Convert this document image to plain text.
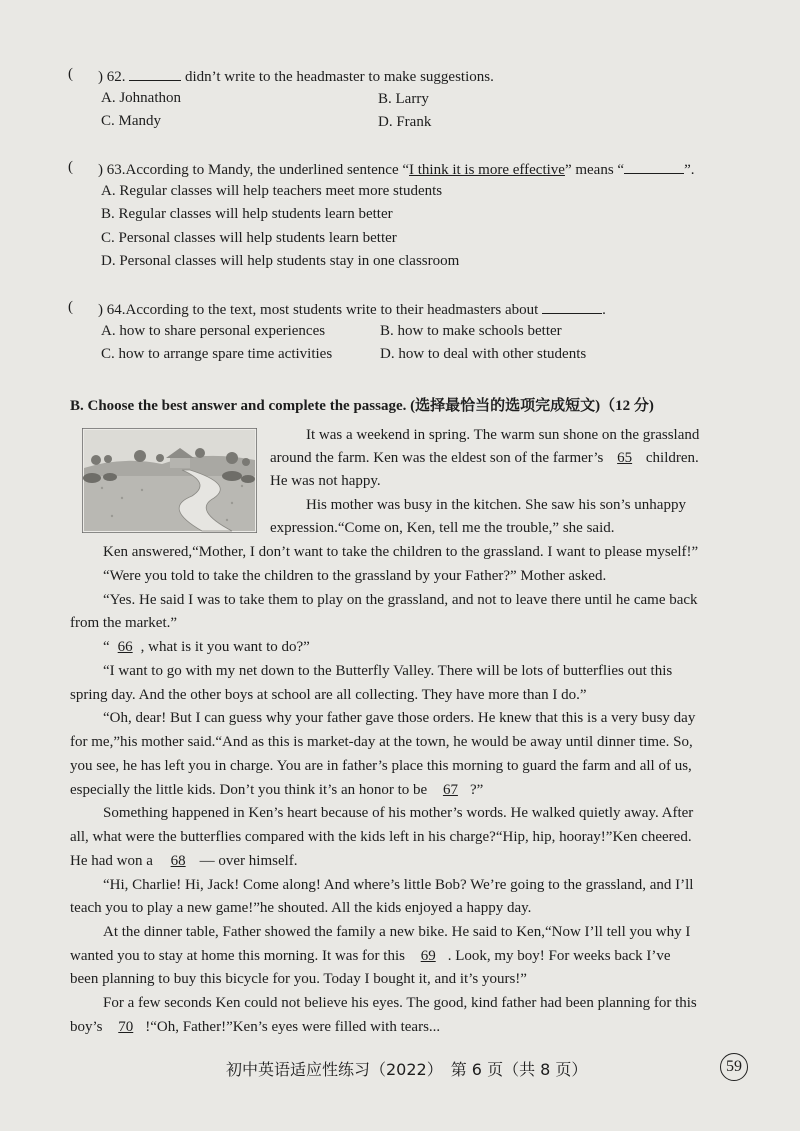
( ) 62.	didn’t write to the headmaster to make suggestions.
A. Johnathon	B. Larry
C. Mandy	D. Frank
( ) 63.According to Mandy, the underlined sentence “I think it is more effective” means “	”.
A. Regular classes will help teachers meet more students
B. Regular classes will help students learn better
C. Personal classes will help students learn better
D. Personal classes will help students stay in one classroom
( ) 64.According to the text, most students write to their headmasters about	.
A. how to share personal experiences	B. how to make schools better
C. how to arrange spare time activities	D. how to deal with other students
B. Choose the best answer and complete the passage. (选择最恰当的选项完成短文)（12 分)
It was a weekend in spring. The warm sun shone on the grassland
around the farm. Ken was the eldest son of the farmer’s 65 children.
He was not happy.
His mother was busy in the kitchen. She saw his son’s unhappy
expression.“Come on, Ken, tell me the trouble,” she said.
Ken answered,“Mother, I don’t want to take the children to the grassland. I want to please myself!”
“Were you told to take the children to the grassland by your Father?” Mother asked.
“Yes. He said I was to take them to play on the grassland, and not to leave there until he came back
from the market.”
“ 66 , what is it you want to do?”
“I want to go with my net down to the Butterfly Valley. There will be lots of butterflies out this
spring day. And the other boys at school are all collecting. They have more than I do.”
“Oh, dear! But I can guess why your father gave those orders. He knew that this is a very busy day
for me,”his mother said.“And as this is market-day at the town, he would be away until dinner time. So,
you see, he has left you in charge. You are in father’s place this morning to guard the farm and all of us,
especially the little kids. Don’t you think it’s an honor to be 67 ?”
Something happened in Ken’s heart because of his mother’s words. He walked quietly away. After
all, what were the butterflies compared with the kids left in his charge?“Hip, hip, hooray!”Ken cheered.
He had won a 68 — over himself.
“Hi, Charlie! Hi, Jack! Come along! And where’s little Bob? We’re going to the grassland, and I’ll
teach you to play a new game!”he shouted. All the kids enjoyed a happy day.
At the dinner table, Father showed the family a new bike. He said to Ken,“Now I’ll tell you why I
wanted you to stay at home this morning. It was for this 69 . Look, my boy! For weeks back I’ve
been planning to buy this bicycle for you. Today I bought it, and it’s yours!”
For a few seconds Ken could not believe his eyes. The good, kind father had been planning for this
boy’s 70 !“Oh, Father!”Ken’s eyes were filled with tears...
初中英语适应性练习（2022）　第 6 页（共 8 页）	59
